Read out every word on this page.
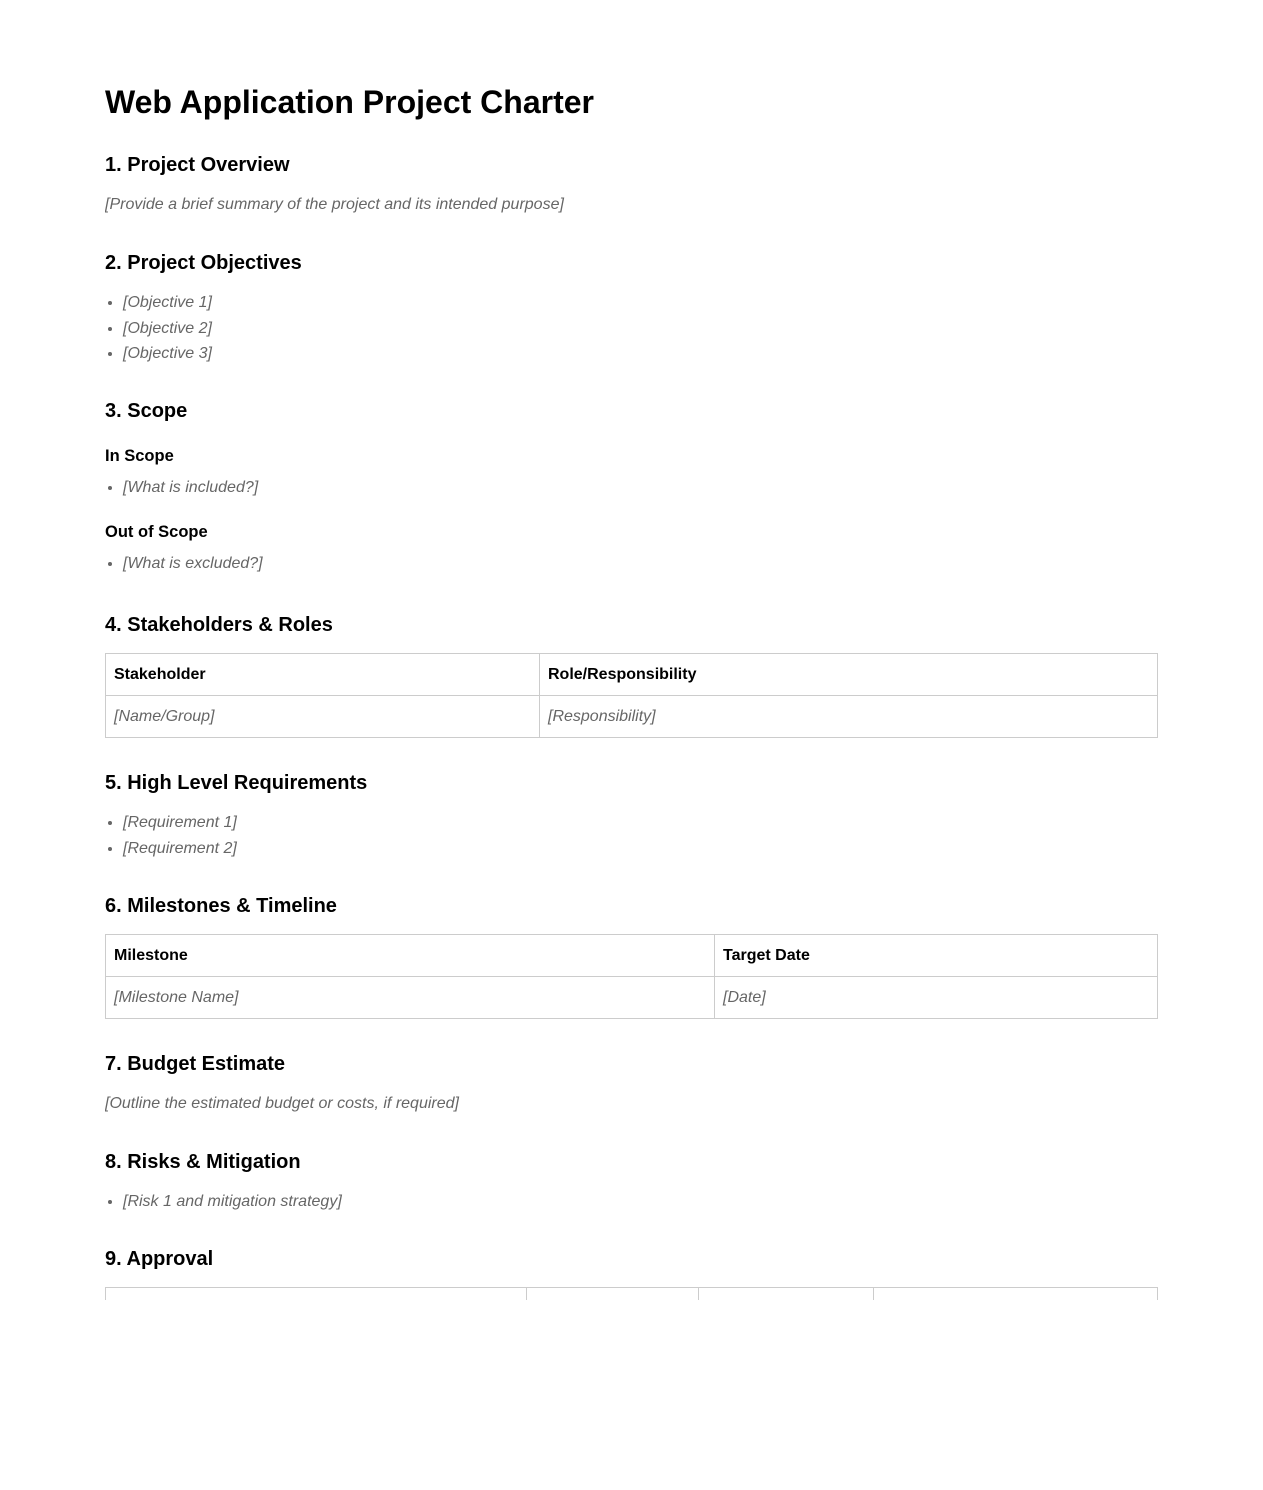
Web Application Project Charter
1. Project Overview

[Provide a brief summary of the project and its intended purpose]

2. Project Objectives
• [Objective 1]
• [Objective 2]
• [Objective 3]
3. Scope
In Scope
• [What is included?]
Out of Scope
• [What is excluded?]
4. Stakeholders & Roles
Stakeholder	Role/Responsibility
[Name/Group]	[Responsibility]
5. High Level Requirements
• [Requirement 1]
• [Requirement 2]
6. Milestones & Timeline
Milestone	Target Date
[Milestone Name]	[Date]
7. Budget Estimate

[Outline the estimated budget or costs, if required]

8. Risks & Mitigation
• [Risk 1 and mitigation strategy]
9. Approval
